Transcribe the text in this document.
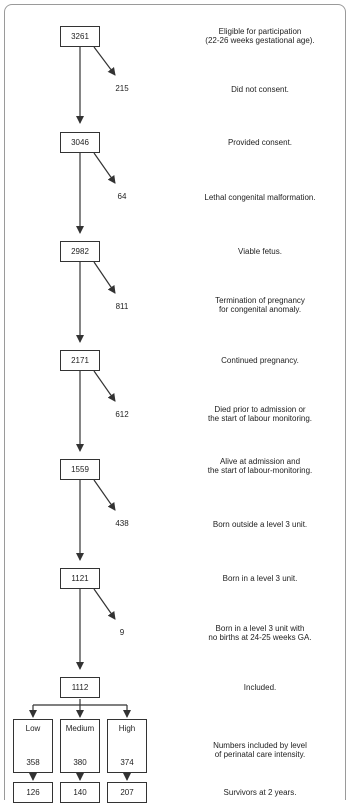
3261
3046
2982
2171
1559
1121
1112
215
64
811
612
438
9
Eligible for participation
(22-26 weeks gestational age).
Did not consent.
Provided consent.
Lethal congenital malformation.
Viable fetus.
Termination of pregnancy
for congenital anomaly.
Continued pregnancy.
Died prior to admission or
the start of labour monitoring.
Alive at admission and
the start of labour-monitoring.
Born outside a level 3 unit.
Born in a level 3 unit.
Born in a level 3 unit with
no births at 24-25 weeks GA.
Included.
Low
358
Medium
380
High
374
Numbers included by level
of perinatal care intensity.
126	140	207	Survivors at 2 years.
